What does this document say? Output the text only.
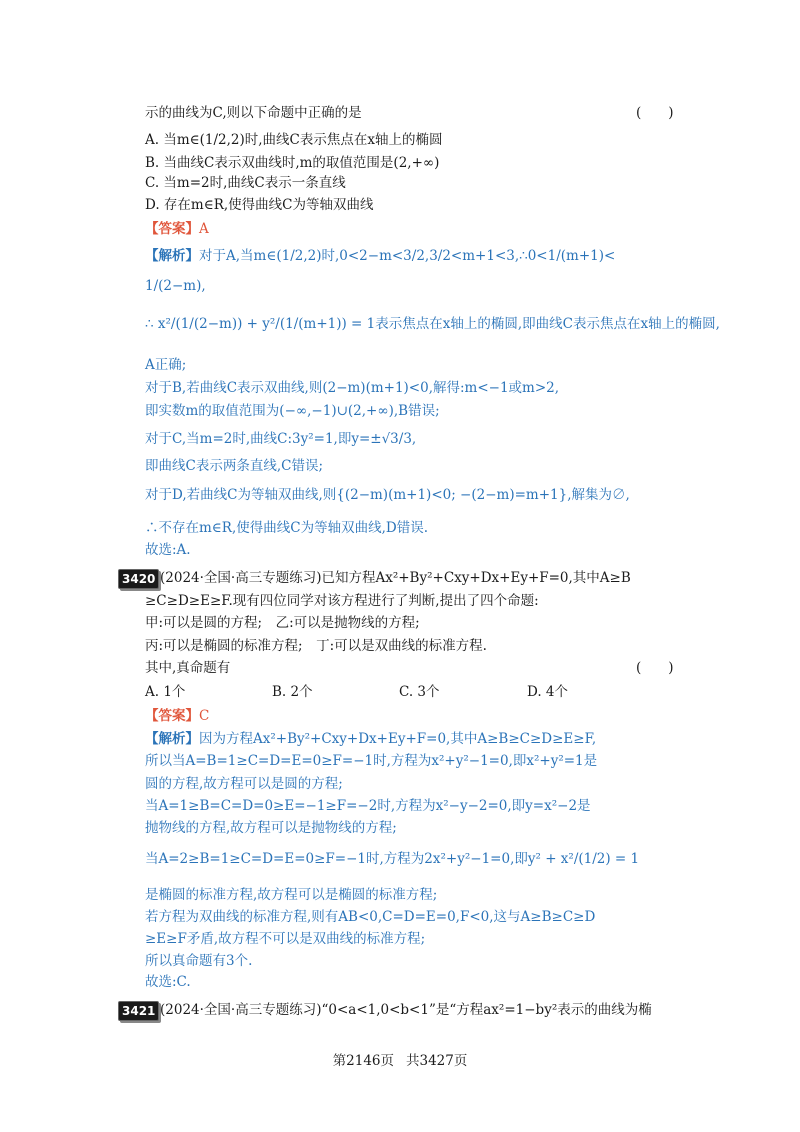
示的曲线为C,则以下命题中正确的是	(　　)
A. 当m∈(1/2,2)时,曲线C表示焦点在x轴上的椭圆
B. 当曲线C表示双曲线时,m的取值范围是(2,+∞)
C. 当m=2时,曲线C表示一条直线
D. 存在m∈R,使得曲线C为等轴双曲线
【答案】A
【解析】对于A,当m∈(1/2,2)时,0<2−m<3/2,3/2<m+1<3,∴0<1/(m+1)<
1/(2−m),
∴ x²/(1/(2−m)) + y²/(1/(m+1)) = 1表示焦点在x轴上的椭圆,即曲线C表示焦点在x轴上的椭圆,
A正确;
对于B,若曲线C表示双曲线,则(2−m)(m+1)<0,解得:m<−1或m>2,
即实数m的取值范围为(−∞,−1)∪(2,+∞),B错误;
对于C,当m=2时,曲线C:3y²=1,即y=±√3/3,
即曲线C表示两条直线,C错误;
对于D,若曲线C为等轴双曲线,则{(2−m)(m+1)<0; −(2−m)=m+1},解集为∅,
∴不存在m∈R,使得曲线C为等轴双曲线,D错误.
故选:A.
3420 (2024·全国·高三专题练习)已知方程Ax²+By²+Cxy+Dx+Ey+F=0,其中A≥B
≥C≥D≥E≥F.现有四位同学对该方程进行了判断,提出了四个命题:
甲:可以是圆的方程;　乙:可以是抛物线的方程;
丙:可以是椭圆的标准方程;　丁:可以是双曲线的标准方程.
其中,真命题有	(　　)
A. 1个	B. 2个	C. 3个	D. 4个
【答案】C
【解析】因为方程Ax²+By²+Cxy+Dx+Ey+F=0,其中A≥B≥C≥D≥E≥F,
所以当A=B=1≥C=D=E=0≥F=−1时,方程为x²+y²−1=0,即x²+y²=1是
圆的方程,故方程可以是圆的方程;
当A=1≥B=C=D=0≥E=−1≥F=−2时,方程为x²−y−2=0,即y=x²−2是
抛物线的方程,故方程可以是抛物线的方程;
当A=2≥B=1≥C=D=E=0≥F=−1时,方程为2x²+y²−1=0,即y² + x²/(1/2) = 1
是椭圆的标准方程,故方程可以是椭圆的标准方程;
若方程为双曲线的标准方程,则有AB<0,C=D=E=0,F<0,这与A≥B≥C≥D
≥E≥F矛盾,故方程不可以是双曲线的标准方程;
所以真命题有3个.
故选:C.
3421 (2024·全国·高三专题练习)“0<a<1,0<b<1”是“方程ax²=1−by²表示的曲线为椭
第2146页 共3427页
